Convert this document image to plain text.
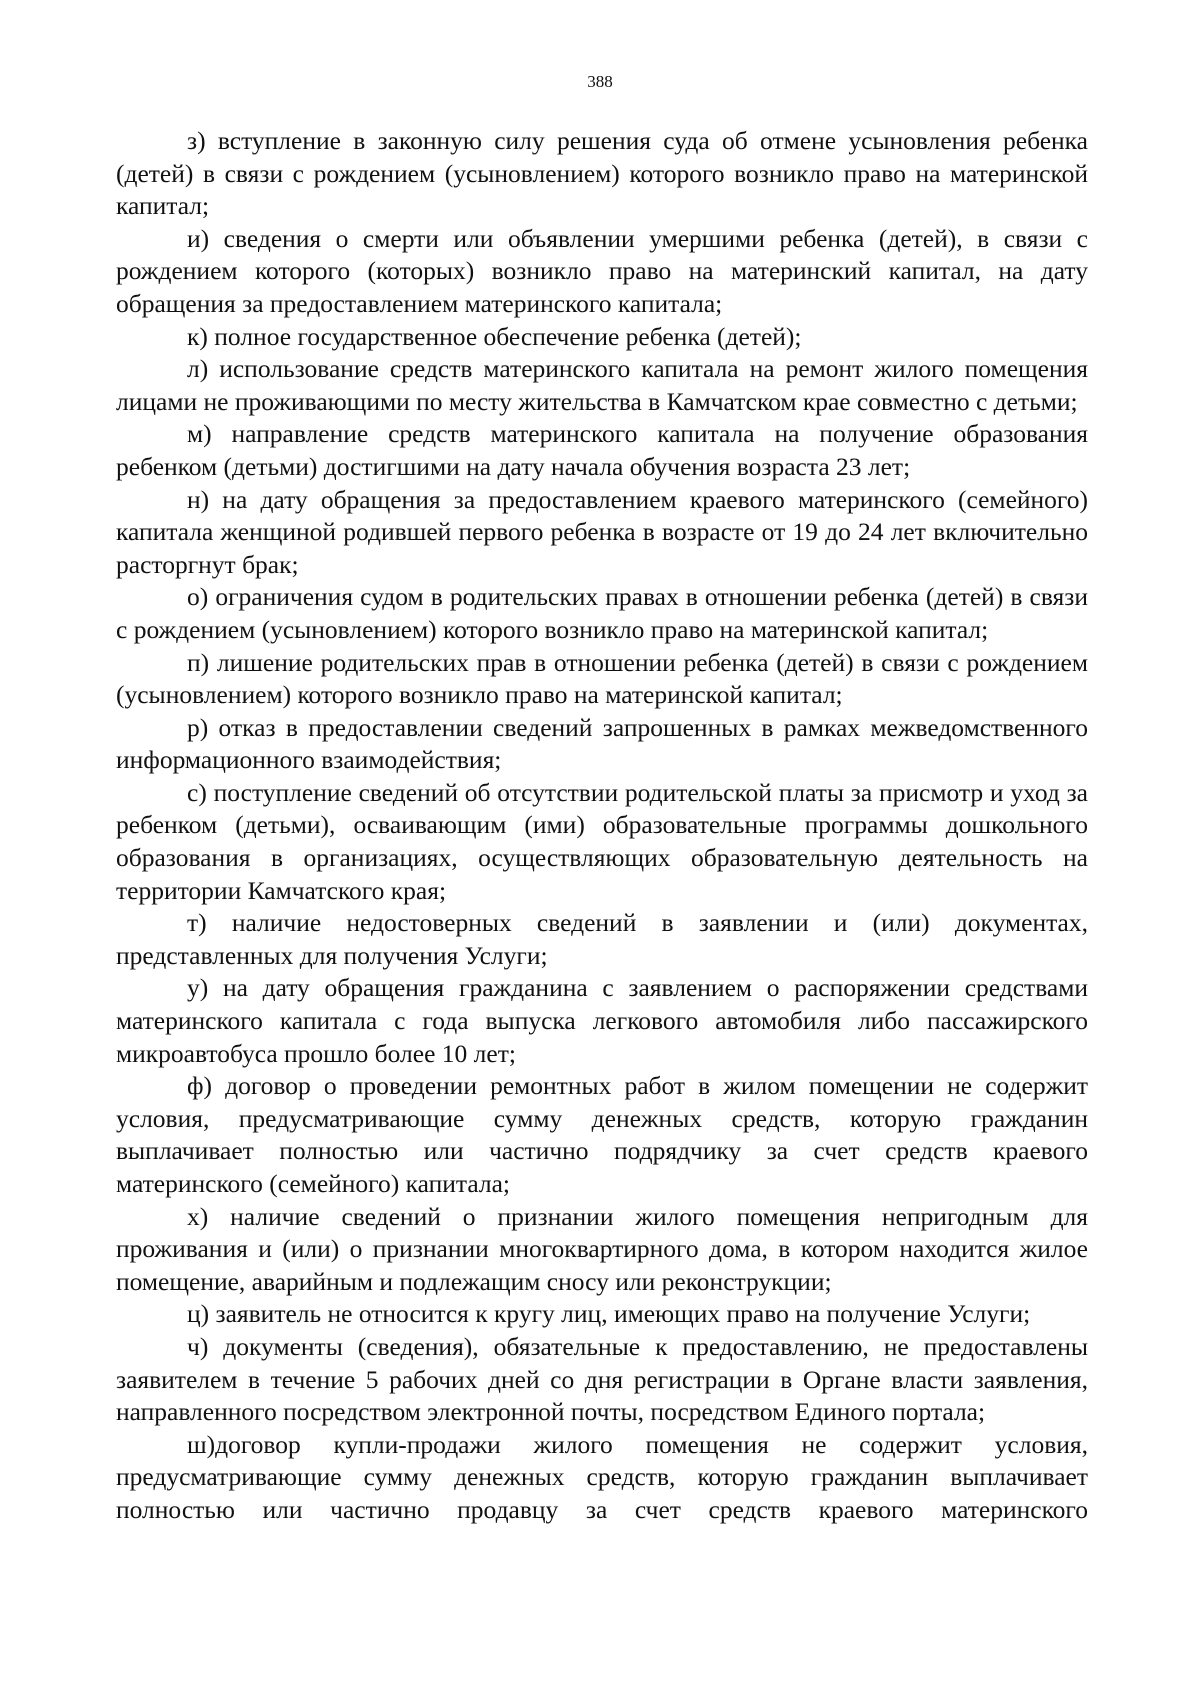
388

з) вступление в законную силу решения суда об отмене усыновления ребенка (детей) в связи с рождением (усыновлением) которого возникло право на материнской капитал;

и) сведения о смерти или объявлении умершими ребенка (детей), в связи с рождением которого (которых) возникло право на материнский капитал, на дату обращения за предоставлением материнского капитала;

к) полное государственное обеспечение ребенка (детей);

л) использование средств материнского капитала на ремонт жилого помещения лицами не проживающими по месту жительства в Камчатском крае совместно с детьми;

м) направление средств материнского капитала на получение образования ребенком (детьми) достигшими на дату начала обучения возраста 23 лет;

н) на дату обращения за предоставлением краевого материнского (семейного) капитала женщиной родившей первого ребенка в возрасте от 19 до 24 лет включительно расторгнут брак;

о) ограничения судом в родительских правах в отношении ребенка (детей) в связи с рождением (усыновлением) которого возникло право на материнской капитал;

п) лишение родительских прав в отношении ребенка (детей) в связи с рождением (усыновлением) которого возникло право на материнской капитал;

р) отказ в предоставлении сведений запрошенных в рамках межведомственного информационного взаимодействия;

с) поступление сведений об отсутствии родительской платы за присмотр и уход за ребенком (детьми), осваивающим (ими) образовательные программы дошкольного образования в организациях, осуществляющих образовательную деятельность на территории Камчатского края;

т) наличие недостоверных сведений в заявлении и (или) документах, представленных для получения Услуги;

у) на дату обращения гражданина с заявлением о распоряжении средствами материнского капитала с года выпуска легкового автомобиля либо пассажирского микроавтобуса прошло более 10 лет;

ф) договор о проведении ремонтных работ в жилом помещении не содержит условия, предусматривающие сумму денежных средств, которую гражданин выплачивает полностью или частично подрядчику за счет средств краевого материнского (семейного) капитала;

х) наличие сведений о признании жилого помещения непригодным для проживания и (или) о признании многоквартирного дома, в котором находится жилое помещение, аварийным и подлежащим сносу или реконструкции;

ц) заявитель не относится к кругу лиц, имеющих право на получение Услуги;

ч) документы (сведения), обязательные к предоставлению, не предоставлены заявителем в течение 5 рабочих дней со дня регистрации в Органе власти заявления, направленного посредством электронной почты, посредством Единого портала;

ш)договор купли-продажи жилого помещения не содержит условия, предусматривающие сумму денежных средств, которую гражданин выплачивает полностью или частично продавцу за счет средств краевого материнского
